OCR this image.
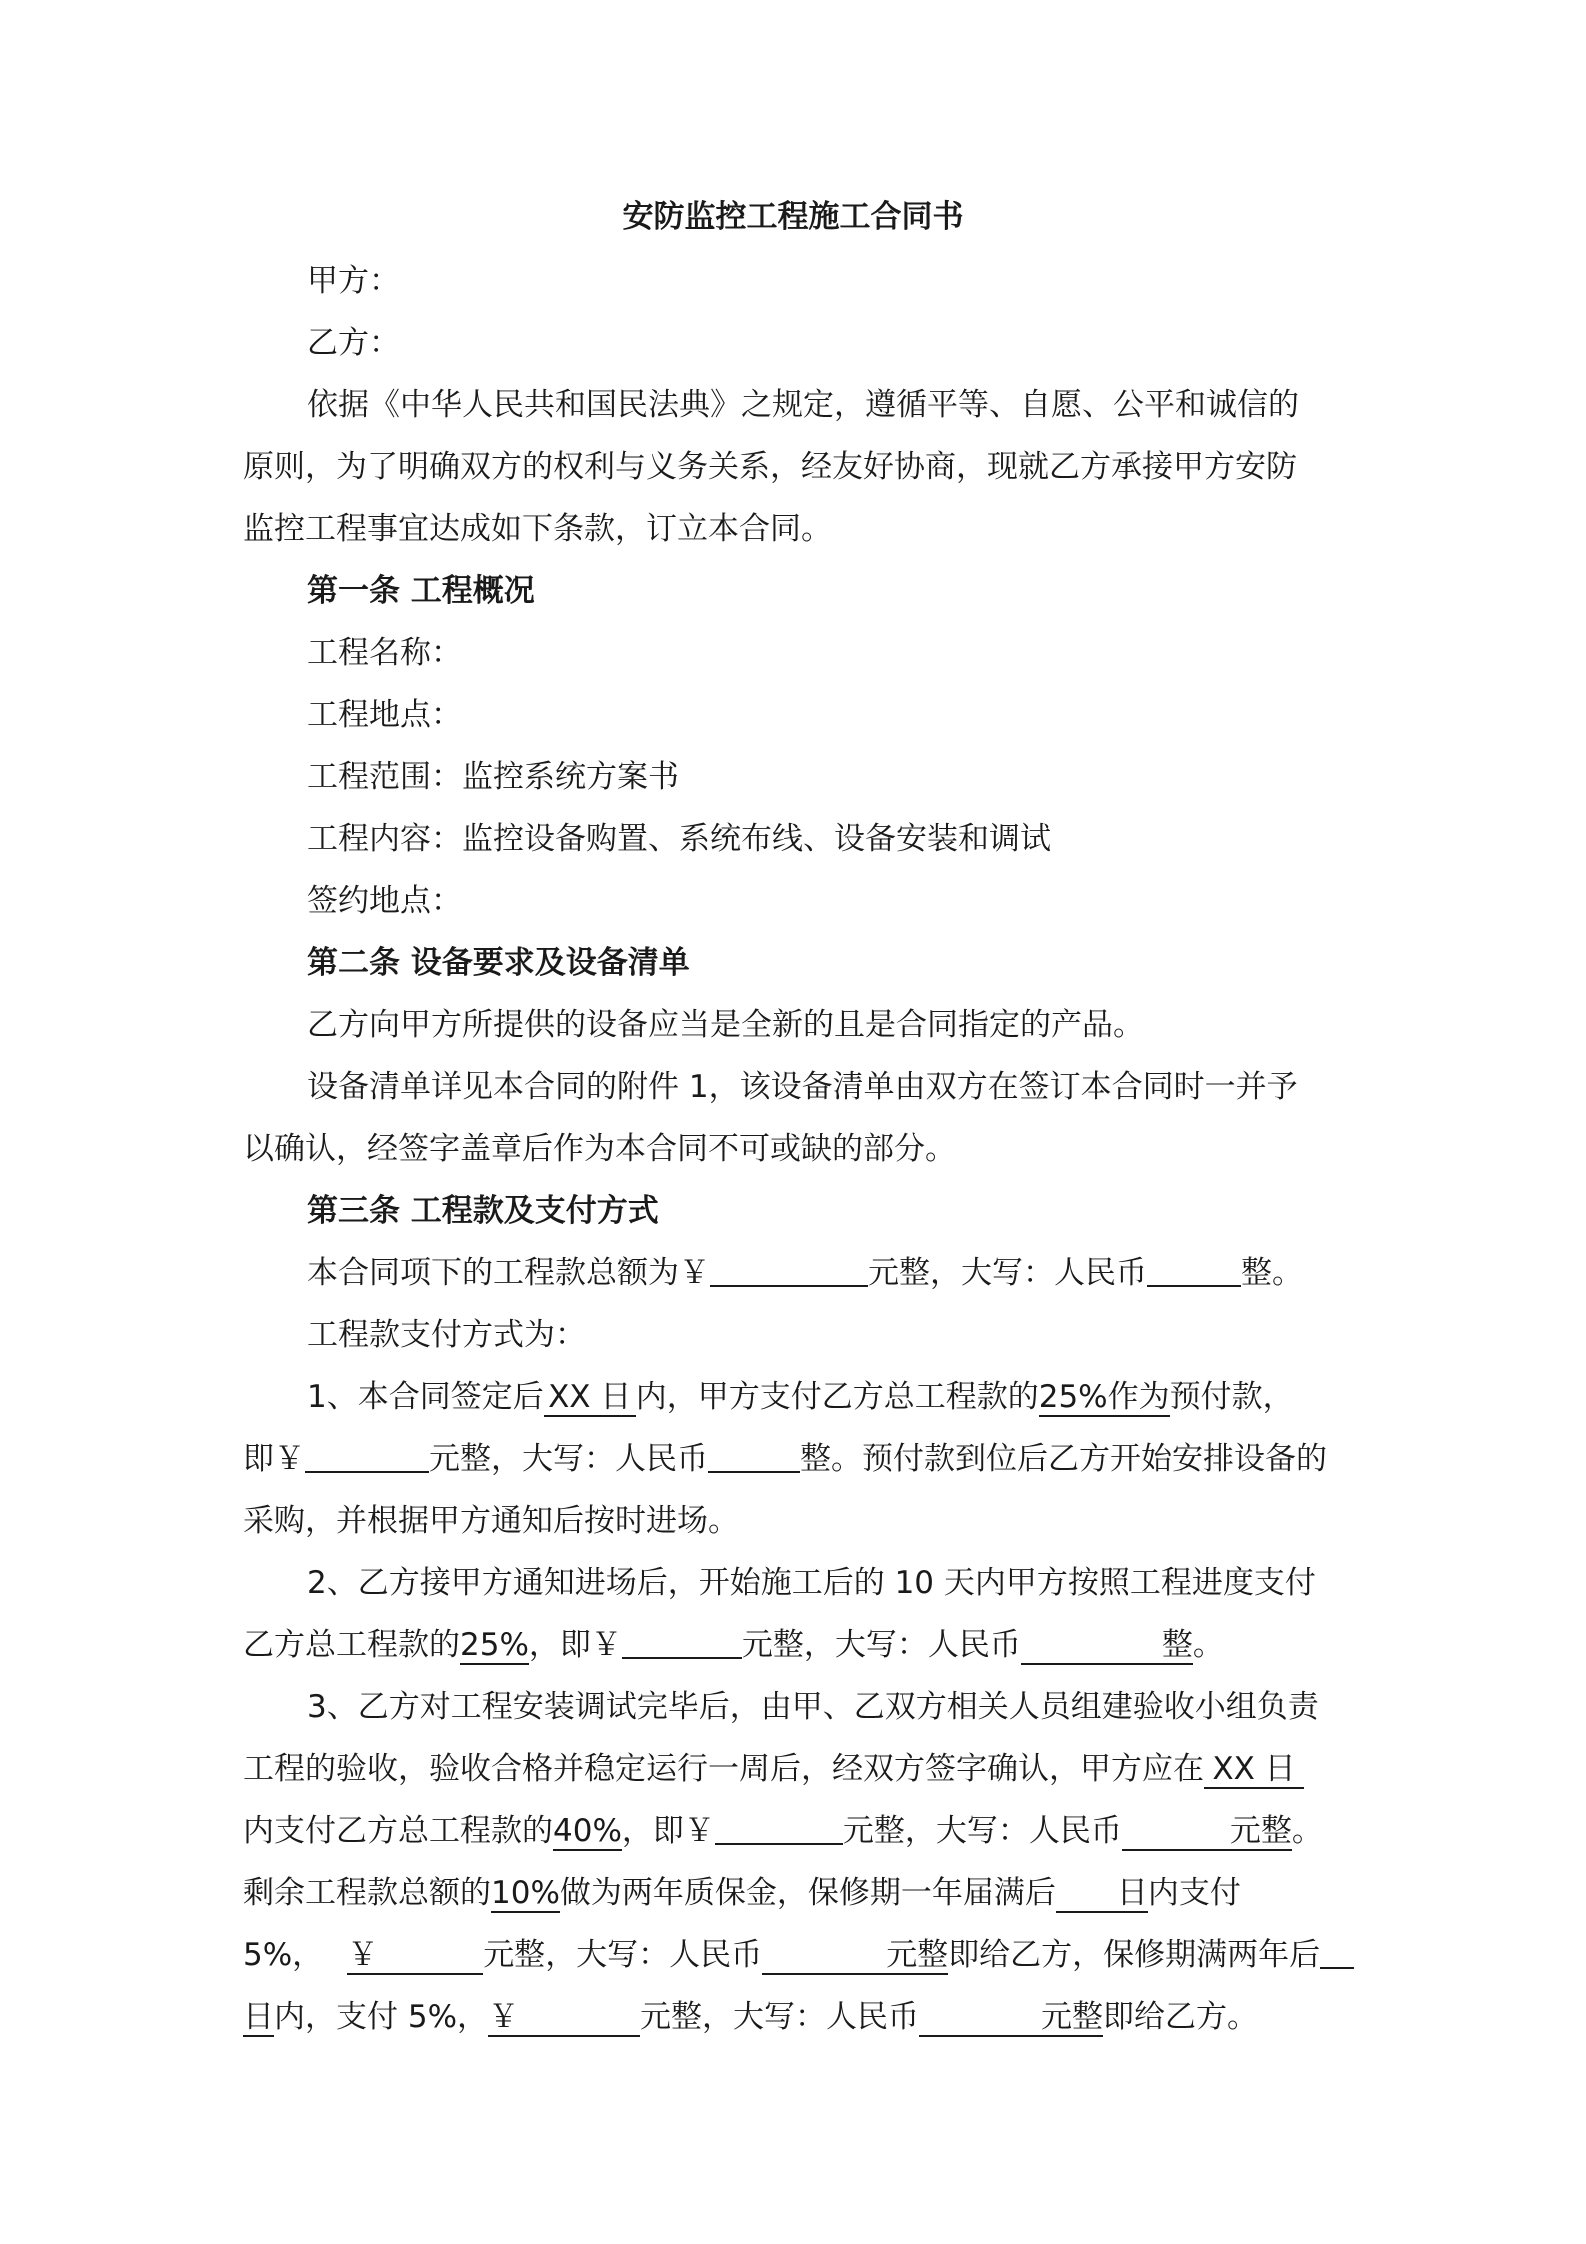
安防监控工程施工合同书
甲方：
乙方：
依据《中华人民共和国民法典》之规定，遵循平等、自愿、公平和诚信的
原则，为了明确双方的权利与义务关系，经友好协商，现就乙方承接甲方安防
监控工程事宜达成如下条款，订立本合同。
第一条 工程概况
工程名称：
工程地点：
工程范围：监控系统方案书
工程内容：监控设备购置、系统布线、设备安装和调试
签约地点：
第二条 设备要求及设备清单
乙方向甲方所提供的设备应当是全新的且是合同指定的产品。
设备清单详见本合同的附件 1，该设备清单由双方在签订本合同时一并予
以确认，经签字盖章后作为本合同不可或缺的部分。
第三条 工程款及支付方式
本合同项下的工程款总额为￥	元整，大写：人民币	整。
工程款支付方式为：
1、本合同签定后 XX 日 内，甲方支付乙方总工程款的25%作为预付款，
即￥	元整，大写：人民币	整。预付款到位后乙方开始安排设备的
采购，并根据甲方通知后按时进场。
2、乙方接甲方通知进场后，开始施工后的 10 天内甲方按照工程进度支付
乙方总工程款的25%，即￥	元整，大写：人民币	整。
3、乙方对工程安装调试完毕后，由甲、乙双方相关人员组建验收小组负责
工程的验收，验收合格并稳定运行一周后，经双方签字确认，甲方应在 XX 日
内支付乙方总工程款的40%，即￥	元整，大写：人民币	元整。
剩余工程款总额的10%做为两年质保金，保修期一年届满后 日内支付
5%， ￥	元整，大写：人民币	元整即给乙方，保修期满两年后
日内，支付 5%，￥	元整，大写：人民币	元整即给乙方。
